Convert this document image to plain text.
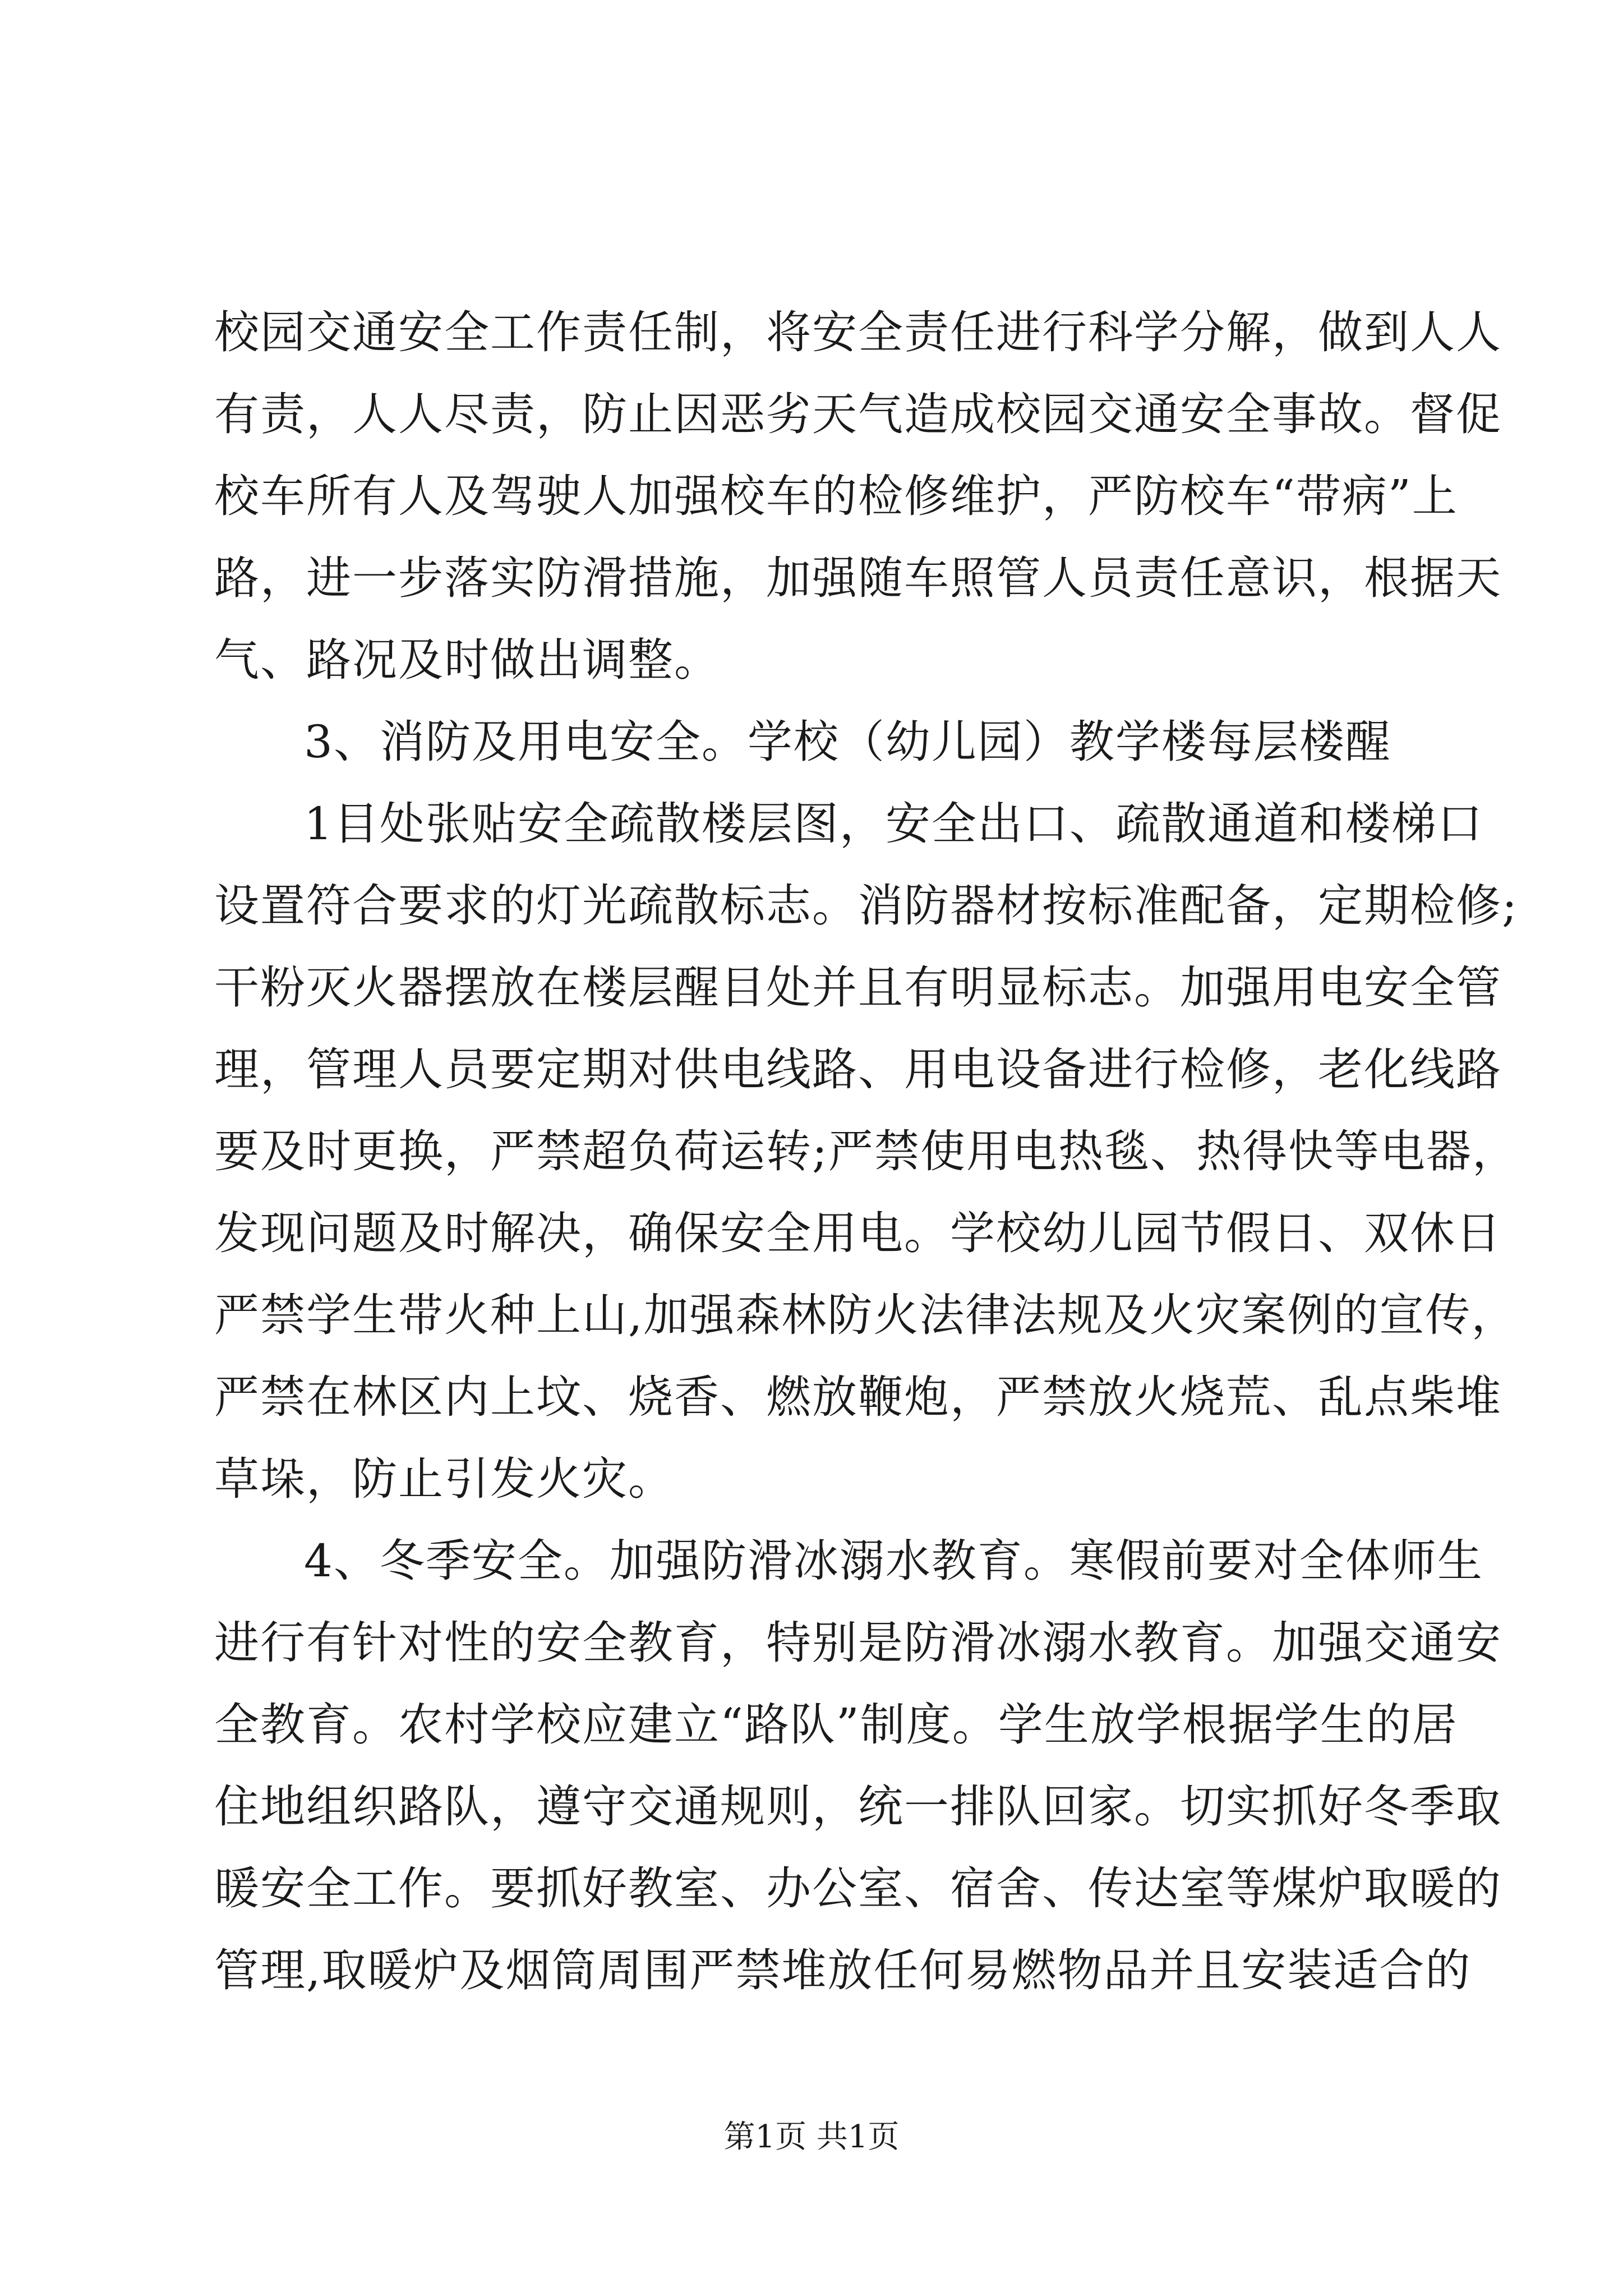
校园交通安全工作责任制，将安全责任进行科学分解，做到人人
有责，人人尽责，防止因恶劣天气造成校园交通安全事故。督促
校车所有人及驾驶人加强校车的检修维护，严防校车“带病”上
路，进一步落实防滑措施，加强随车照管人员责任意识，根据天
气、路况及时做出调整。
3、消防及用电安全。学校（幼儿园）教学楼每层楼醒
1目处张贴安全疏散楼层图，安全出口、疏散通道和楼梯口
设置符合要求的灯光疏散标志。消防器材按标准配备，定期检修;
干粉灭火器摆放在楼层醒目处并且有明显标志。加强用电安全管
理，管理人员要定期对供电线路、用电设备进行检修，老化线路
要及时更换，严禁超负荷运转;严禁使用电热毯、热得快等电器，
发现问题及时解决，确保安全用电。学校幼儿园节假日、双休日
严禁学生带火种上山,加强森林防火法律法规及火灾案例的宣传，
严禁在林区内上坟、烧香、燃放鞭炮，严禁放火烧荒、乱点柴堆
草垛，防止引发火灾。
4、冬季安全。加强防滑冰溺水教育。寒假前要对全体师生
进行有针对性的安全教育，特别是防滑冰溺水教育。加强交通安
全教育。农村学校应建立“路队”制度。学生放学根据学生的居
住地组织路队，遵守交通规则，统一排队回家。切实抓好冬季取
暖安全工作。要抓好教室、办公室、宿舍、传达室等煤炉取暖的
管理,取暖炉及烟筒周围严禁堆放任何易燃物品并且安装适合的
第1页 共1页
